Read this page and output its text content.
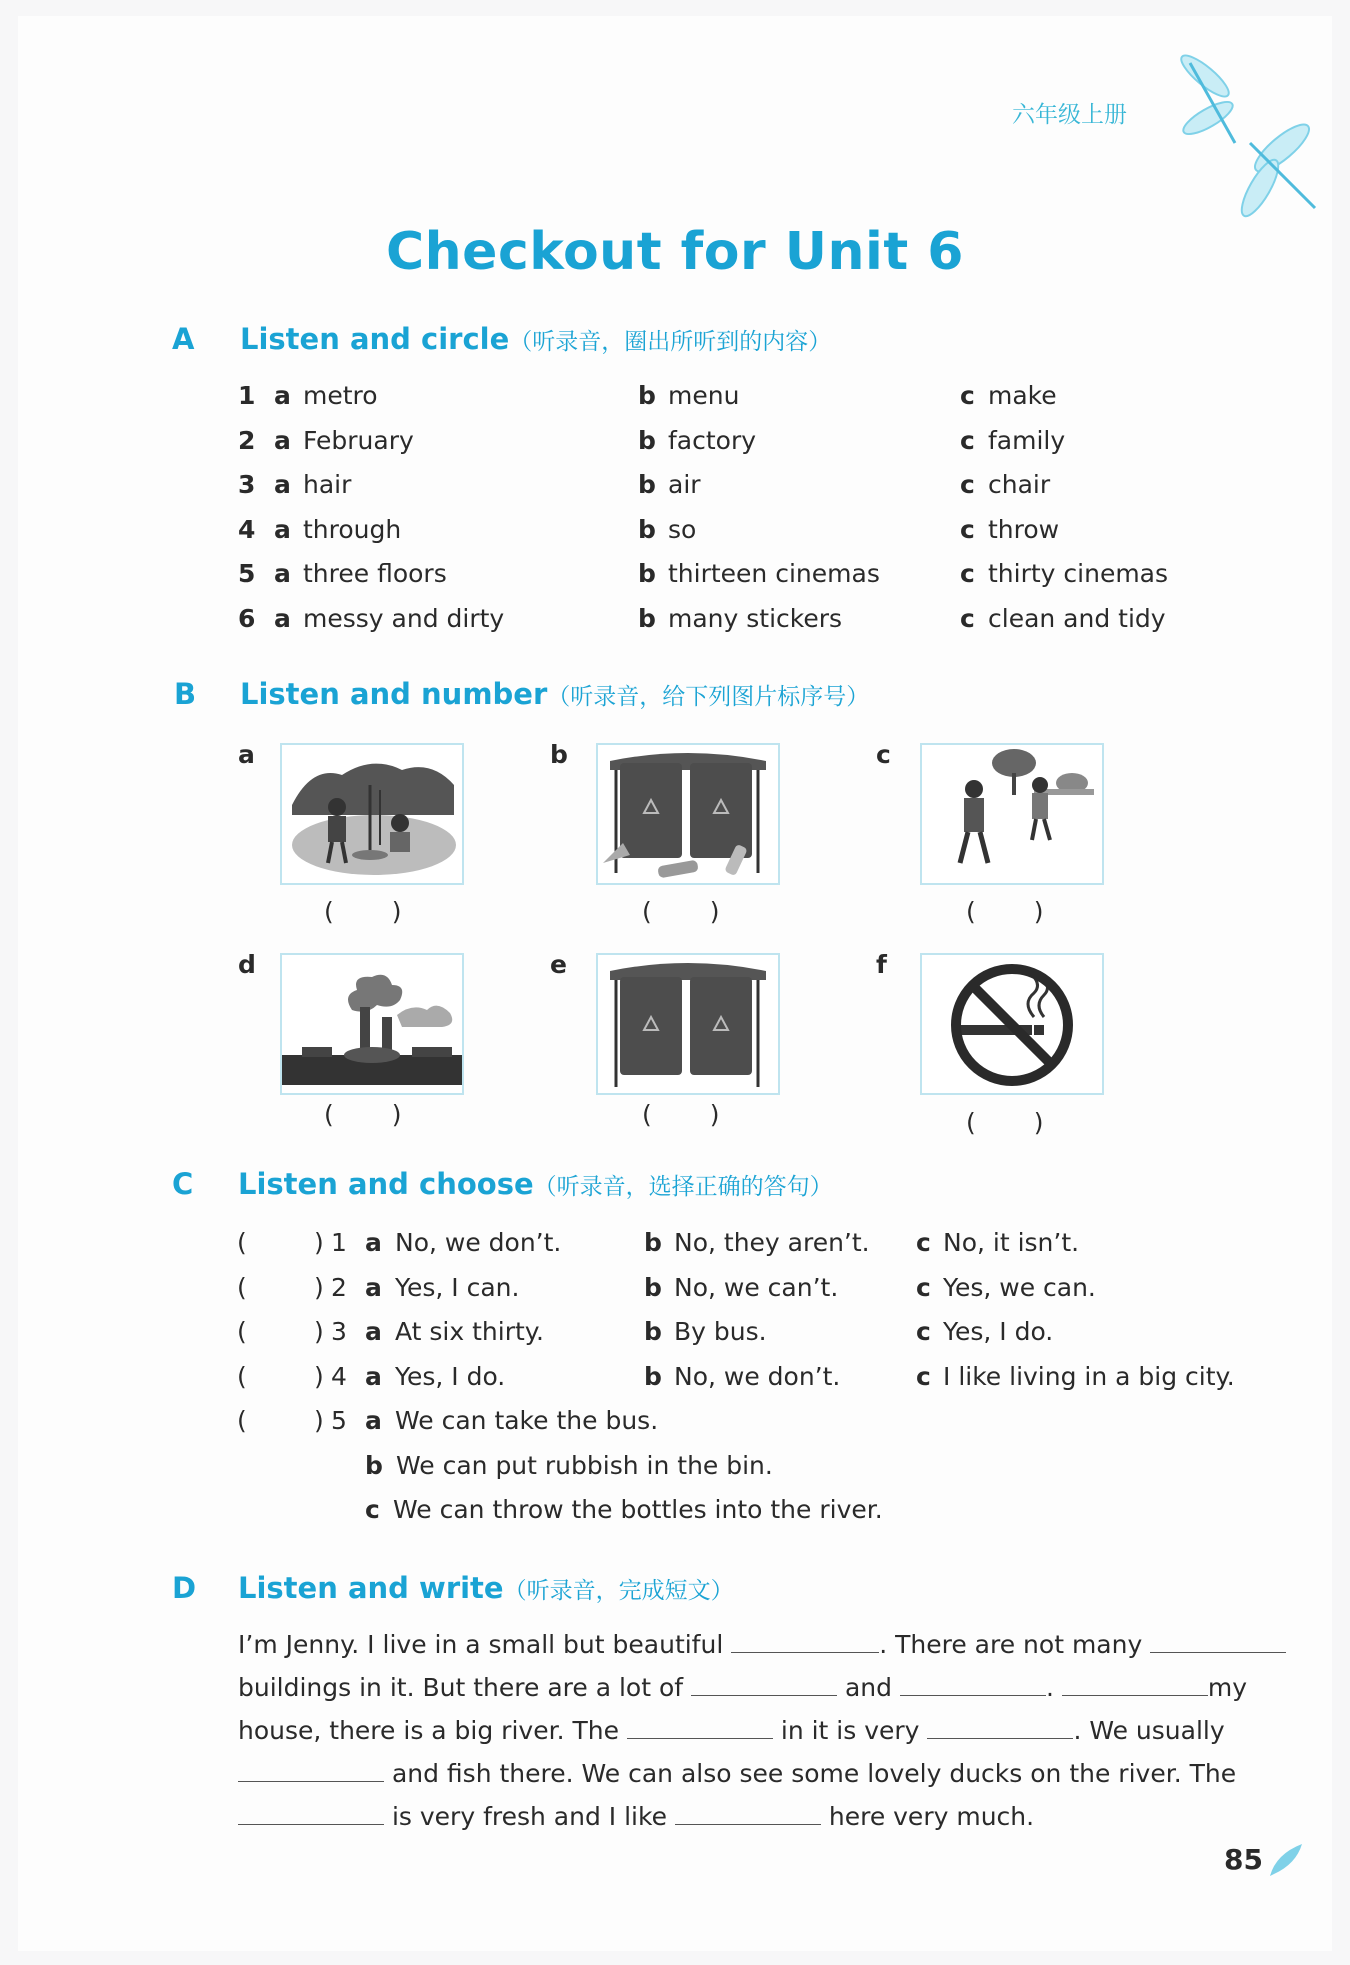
六年级上册
Checkout for Unit 6
A Listen and circle（听录音，圈出所听到的内容）
1 a metro	b menu	c make
2 a February	b factory	c family
3 a hair	b air	c chair
4 a through	b so	c throw
5 a three floors	b thirteen cinemas	c thirty cinemas
6 a messy and dirty	b many stickers	c clean and tidy
B Listen and number（听录音，给下列图片标序号）
a
( )
b
( )
c
( )
d
( )
e
( )
f
( )
C Listen and choose（听录音，选择正确的答句）
(	) 1 a No, we don’t.	b No, they aren’t. c No, it isn’t.
(	) 2 a Yes, I can.	b No, we can’t.	c Yes, we can.
(	) 3 a At six thirty.	b By bus.	c Yes, I do.
(	) 4 a Yes, I do.	b No, we don’t.	c I like living in a big city.
(	) 5 a We can take the bus.
b We can put rubbish in the bin.
c We can throw the bottles into the river.
D Listen and write（听录音，完成短文）
I’m Jenny. I live in a small but beautiful	. There are not many
buildings in it. But there are a lot of	and	.	my
house, there is a big river. The	in it is very	. We usually
and fish there. We can also see some lovely ducks on the river. The
is very fresh and I like	here very much.
85
